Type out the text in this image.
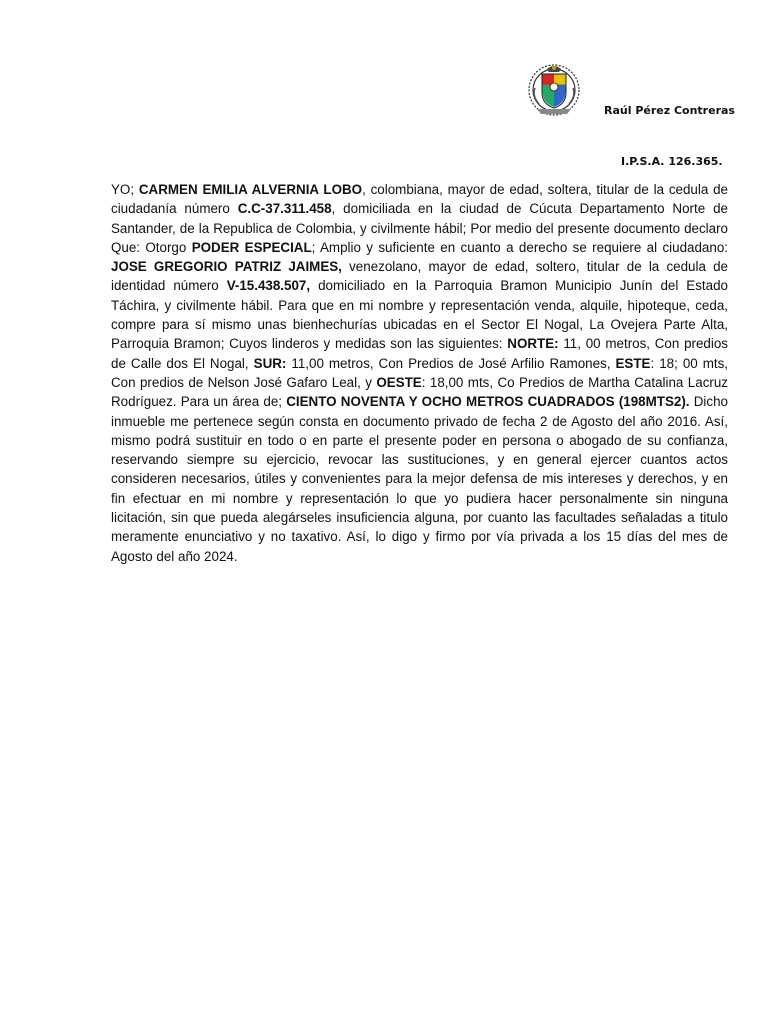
Raúl Pérez Contreras
I.P.S.A. 126.365.

YO; CARMEN EMILIA ALVERNIA LOBO, colombiana, mayor de edad, soltera, titular de la cedula de ciudadanía número C.C-37.311.458, domiciliada en la ciudad de Cúcuta Departamento Norte de Santander, de la Republica de Colombia, y civilmente hábil; Por medio del presente documento declaro Que: Otorgo PODER ESPECIAL; Amplio y suficiente en cuanto a derecho se requiere al ciudadano: JOSE GREGORIO PATRIZ JAIMES, venezolano, mayor de edad, soltero, titular de la cedula de identidad número V-15.438.507, domiciliado en la Parroquia Bramon Municipio Junín del Estado Táchira, y civilmente hábil. Para que en mi nombre y representación venda, alquile, hipoteque, ceda, compre para sí mismo unas bienhechurías ubicadas en el Sector El Nogal, La Ovejera Parte Alta, Parroquia Bramon; Cuyos linderos y medidas son las siguientes: NORTE: 11, 00 metros, Con predios de Calle dos El Nogal, SUR: 11,00 metros, Con Predios de José Arfilio Ramones, ESTE: 18; 00 mts, Con predios de Nelson José Gafaro Leal, y OESTE: 18,00 mts, Co Predios de Martha Catalina Lacruz Rodríguez. Para un área de; CIENTO NOVENTA Y OCHO METROS CUADRADOS (198MTS2). Dicho inmueble me pertenece según consta en documento privado de fecha 2 de Agosto del año 2016. Así, mismo podrá sustituir en todo o en parte el presente poder en persona o abogado de su confianza, reservando siempre su ejercicio, revocar las sustituciones, y en general ejercer cuantos actos consideren necesarios, útiles y convenientes para la mejor defensa de mis intereses y derechos, y en fin efectuar en mi nombre y representación lo que yo pudiera hacer personalmente sin ninguna licitación, sin que pueda alegárseles insuficiencia alguna, por cuanto las facultades señaladas a titulo meramente enunciativo y no taxativo. Así, lo digo y firmo por vía privada a los 15 días del mes de Agosto del año 2024.
